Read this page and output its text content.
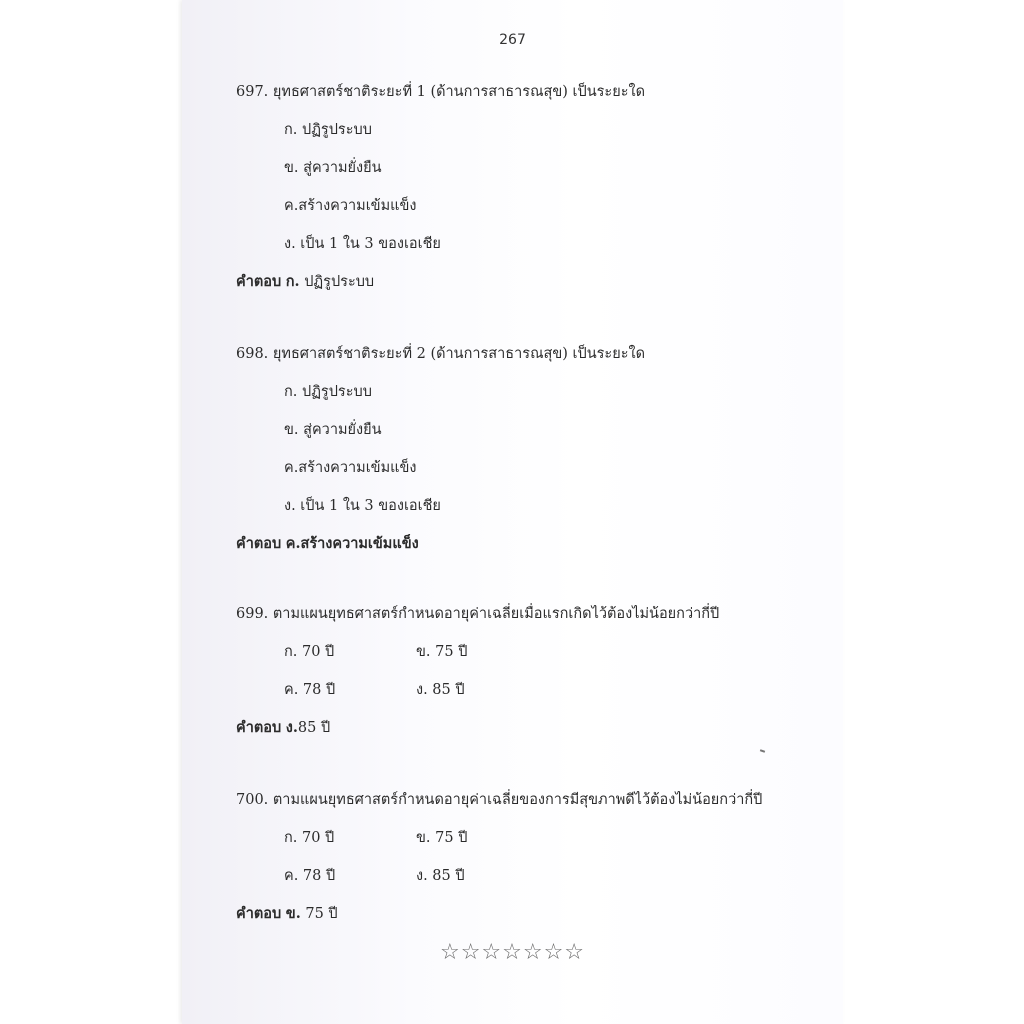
267
697. ยุทธศาสตร์ชาติระยะที่ 1 (ด้านการสาธารณสุข) เป็นระยะใด
ก. ปฏิรูประบบ
ข. สู่ความยั่งยืน
ค.สร้างความเข้มแข็ง
ง. เป็น 1 ใน 3 ของเอเชีย
คำตอบ ก. ปฏิรูประบบ
698. ยุทธศาสตร์ชาติระยะที่ 2 (ด้านการสาธารณสุข) เป็นระยะใด
ก. ปฏิรูประบบ
ข. สู่ความยั่งยืน
ค.สร้างความเข้มแข็ง
ง. เป็น 1 ใน 3 ของเอเชีย
คำตอบ ค.สร้างความเข้มแข็ง
699. ตามแผนยุทธศาสตร์กำหนดอายุค่าเฉลี่ยเมื่อแรกเกิดไว้ต้องไม่น้อยกว่ากี่ปี
ก. 70 ปี	ข. 75 ปี
ค. 78 ปี	ง. 85 ปี
คำตอบ ง.85 ปี
700. ตามแผนยุทธศาสตร์กำหนดอายุค่าเฉลี่ยของการมีสุขภาพดีไว้ต้องไม่น้อยกว่ากี่ปี
ก. 70 ปี	ข. 75 ปี
ค. 78 ปี	ง. 85 ปี
คำตอบ ข. 75 ปี
☆☆☆☆☆☆☆
